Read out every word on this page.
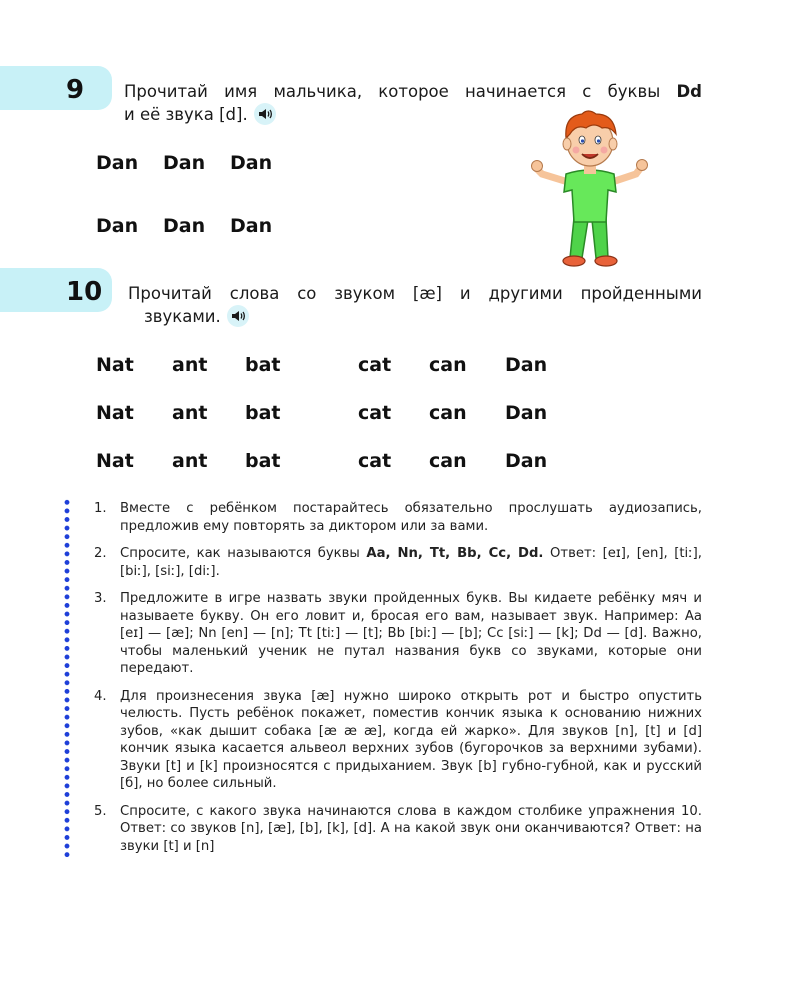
9 Прочитай имя мальчика, которое начинается с буквы Dd
и её звука [d].
Dan Dan Dan
Dan Dan Dan
10 Прочитай слова со звуком [æ] и другими пройденными
звуками.
Nat ant bat	cat can Dan
Nat ant bat	cat can Dan
Nat ant bat	cat can Dan
1.	Вместе с ребёнком постарайтесь обязательно прослушать аудиозапись, предложив ему повторять за диктором или за вами.
2.	Спросите, как называются буквы Aa, Nn, Tt, Bb, Cc, Dd. Ответ: [eɪ], [en], [tiː], [biː], [siː], [diː].
3.	Предложите в игре назвать звуки пройденных букв. Вы кидаете ребёнку мяч и называете букву. Он его ловит и, бросая его вам, называет звук. Например: Aa [eɪ] — [æ]; Nn [en] — [n]; Tt [tiː] — [t]; Bb [biː] — [b]; Cc [siː] — [k]; Dd — [d]. Важно, чтобы маленький ученик не путал названия букв со звуками, которые они передают.
4.	Для произнесения звука [æ] нужно широко открыть рот и быстро опустить челюсть. Пусть ребёнок покажет, поместив кончик языка к основанию нижних зубов, «как дышит собака [æ æ æ], когда ей жарко». Для звуков [n], [t] и [d] кончик языка касается альвеол верхних зубов (бугорочков за верхними зубами). Звуки [t] и [k] произносятся с придыханием. Звук [b] губно-губной, как и русский [б], но более сильный.
5.	Спросите, с какого звука начинаются слова в каждом столбике упражнения 10. Ответ: со звуков [n], [æ], [b], [k], [d]. А на какой звук они оканчиваются? Ответ: на звуки [t] и [n]
